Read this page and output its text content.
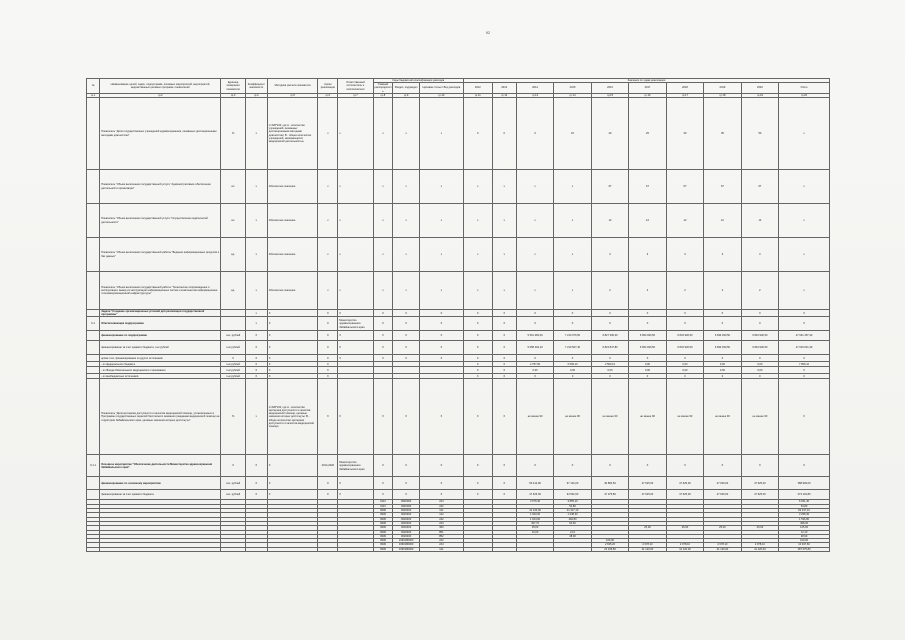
92
№	Наименование целей, задач, подпрограмм, основных мероприятий, мероприятий, ведомственных целевых программ, показателей	Единица измерения показателя	Коэффициент значимости	Методика расчета показателя	Сроки реализации	Ответственный исполнитель и соисполнители	Коды бюджетной классификации расходов			Значения по годам реализации									
							Главный распорядитель	Раздел, подраздел	Целевая статья / Вид расходов	2012	2013	2014	2015	2016	2017	2018	2019	2020	Итого
гр.1	гр.2	гр.3	гр.4	гр.5	гр.6	гр.7	гр.8	гр.9	гр.10	гр.11	гр.12	гр.13	гр.14	гр.15	гр.16	гр.17	гр.18	гр.19	гр.20
	Показатель "Доля государственных учреждений здравоохранения, оказанных дистанционными методами диагностики"	%	х	n=A/B*100, где А - количество учреждений, оказанных дистанционными методами диагностики; В - общее количество учреждений, занимающихся медицинской деятельностью	х	х	х	х	х	0	0	0	15	20	25	30	35	50	х
	Показатель "Объем выполнения государственной услуги "Административное обеспечение деятельности организации"	шт.	х	Абсолютное значение	х	х	х	х	х	х	х	х	х	67	67	67	67	67	х
	Показатель "Объем выполнения государственной услуги "Осуществление издательской деятельности"	шт.	х	Абсолютное значение	х	х	х	х	х	х	х	х	х	12	12	12	12	12	х
	Показатель "Объем выполнения государственной работы "Ведение информационных ресурсов и баз данных"	ед.	х	Абсолютное значение	х	х	х	х	х	х	х	х	х	3	3	3	3	3	х
	Показатель "Объем выполнения государственной работы "Техническое сопровождение и эксплуатация, вывод из эксплуатации информационных систем и компонентов информационно-телекоммуникационной инфраструктуры"	ед.	х	Абсолютное значение	х	х	х	х	х	х	х	х	х	2	2	2	2	2	х
	Задача "Создание организационных условий для реализации государственной программы"		х	Х	Х	Х	Х	Х	Х	Х	Х	Х	Х	Х	Х	Х	Х	Х	Х
9.1	Обеспечивающая подпрограмма		х	Х	Х	Министерство здравоохранения Забайкальского края	Х	Х	Х	Х	Х	Х	Х	Х	Х	Х	Х	Х	Х
	финансирование по подпрограмме	тыс. рублей	Х	Х	Х	Х	Х	Х	Х	Х	Х	5 661 282,00	7 213 076,50	6 827 306,00	6 834 930,50	6 834 930,50	6 834 930,50	6 834 930,50	47 041 457,40
	финансирование за счет краевого бюджета, тыс.рублей	тыс.рублей	Х	Х	Х	Х	Х	Х	Х	Х	Х	5 658 494,10	7 210 567,40	6 824 847,80	6 834 930,50	6 834 930,50	6 834 930,50	6 834 930,50	47 033 621,30
	кроме того, финансирование из других источников:	Х	Х	Х	Х	Х	Х	Х	Х	Х	Х	Х	Х	Х	Х	Х	Х	Х	Х
	- из федерального бюджета	тыс.рублей	Х	Х	Х					Х	Х	2 787,90	2 509,10	2 509,10	0,00	0,00	0,00	0,00	7 806,10
	- из Фонда обязательного медицинского страхования	тыс.рублей	Х	Х	Х					Х	Х	0,00	0,00	0,00	0,00	0,00	0,00	0,00	0
	- из внебюджетных источников	тыс.рублей	Х	Х	Х					Х	Х	Х	0	0	0	0	0	0	0
	Показатель "Доля критериев доступности и качества медицинской помощи, установленных в Программе государственных гарантий бесплатного оказания гражданам медицинской помощи на территории Забайкальского края, целевые значения которых достигнуты"	%	х	n=A/B*100, где А - количество критериев доступности и качества медицинской помощи, целевые значения которых достигнуты; В - общее количество критериев доступности и качества медицинской помощи	Х	Х	Х	Х	Х	Х	Х	не менее 90	не менее 90	не менее 90	не менее 90	не менее 90	не менее 90	не менее 90	Х
9.1.1	Основное мероприятие "Обеспечение деятельности Министерства здравоохранения Забайкальского края"	Х	Х	Х	2014-2020	Министерство здравоохранения Забайкальского края	Х	Х	Х	Х	Х	Х	Х	Х	Х	Х	Х	Х	Х
	финансирование по основному мероприятию	тыс. рублей	Х	Х	Х	Х	Х	Х	Х	Х	Х	50 412,90	97 101,00	49 884,50	47 625,00	47 625,00	47 625,00	47 625,00	388 909,00
	финансирование за счет краевого бюджета	тыс. рублей	Х	Х	Х	Х	Х	Х	Х	Х	Х	47 625,00	94 591,50	47 375,80	47 625,00	47 625,00	47 625,00	47 625,00	373 102,80
							0113	0920000	244			3 076,30	3 855,10						6 931,40
							0113	0920000	242				54,80						54,80
							0909	0020400	121			41 120,00	41 317,10						82 437,10
							0909	0020400	122			1 920,00	1 348,30						3 268,30
							0909	0020400	242			1 044,00	492,80						1 536,80
							0909	0020400	244			437,70	60,60						498,30
							0909	0020400	360			25,00			25,00	25,00	25,00	25,00	125,00
							0909	0020400	851			10,00	2,10						12,10
							0909	0020400	852				48,90						48,90
							0909	1690180000	242					100,00					100,00
							0909	1690180000	244					2 635,20	2 078,10	2 078,10	2 078,10	2 078,10	10 947,60
							0909	1690180000	121					23 195,80	41 120,00	41 120,00	41 120,00	41 120,00	187 675,80
